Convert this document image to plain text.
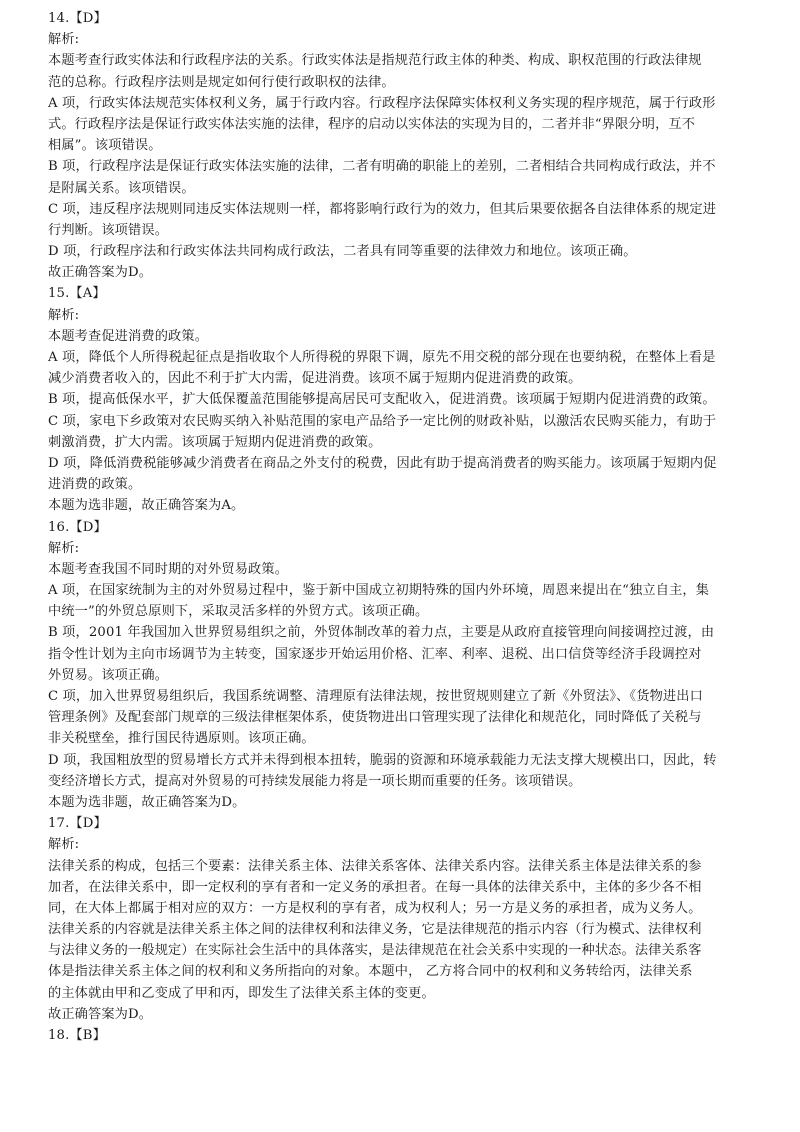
14.【D】
解析:
本题考查行政实体法和行政程序法的关系。行政实体法是指规范行政主体的种类、构成、职权范围的行政法律规
范的总称。行政程序法则是规定如何行使行政职权的法律。
A 项，行政实体法规范实体权利义务，属于行政内容。行政程序法保障实体权利义务实现的程序规范，属于行政形
式。行政程序法是保证行政实体法实施的法律，程序的启动以实体法的实现为目的，二者并非“界限分明，互不
相属”。该项错误。
B 项，行政程序法是保证行政实体法实施的法律，二者有明确的职能上的差别，二者相结合共同构成行政法，并不
是附属关系。该项错误。
C 项，违反程序法规则同违反实体法规则一样，都将影响行政行为的效力，但其后果要依据各自法律体系的规定进
行判断。该项错误。
D 项，行政程序法和行政实体法共同构成行政法，二者具有同等重要的法律效力和地位。该项正确。
故正确答案为D。
15.【A】
解析:
本题考查促进消费的政策。
A 项，降低个人所得税起征点是指收取个人所得税的界限下调，原先不用交税的部分现在也要纳税，在整体上看是
减少消费者收入的，因此不利于扩大内需，促进消费。该项不属于短期内促进消费的政策。
B 项，提高低保水平，扩大低保覆盖范围能够提高居民可支配收入，促进消费。该项属于短期内促进消费的政策。
C 项，家电下乡政策对农民购买纳入补贴范围的家电产品给予一定比例的财政补贴，以激活农民购买能力，有助于
刺激消费，扩大内需。该项属于短期内促进消费的政策。
D 项，降低消费税能够减少消费者在商品之外支付的税费，因此有助于提高消费者的购买能力。该项属于短期内促
进消费的政策。
本题为选非题，故正确答案为A。
16.【D】
解析:
本题考查我国不同时期的对外贸易政策。
A 项，在国家统制为主的对外贸易过程中，鉴于新中国成立初期特殊的国内外环境，周恩来提出在“独立自主，集
中统一”的外贸总原则下，采取灵活多样的外贸方式。该项正确。
B 项，2001 年我国加入世界贸易组织之前，外贸体制改革的着力点，主要是从政府直接管理向间接调控过渡，由
指令性计划为主向市场调节为主转变，国家逐步开始运用价格、汇率、利率、退税、出口信贷等经济手段调控对
外贸易。该项正确。
C 项，加入世界贸易组织后，我国系统调整、清理原有法律法规，按世贸规则建立了新《外贸法》、《货物进出口
管理条例》及配套部门规章的三级法律框架体系，使货物进出口管理实现了法律化和规范化，同时降低了关税与
非关税壁垒，推行国民待遇原则。该项正确。
D 项，我国粗放型的贸易增长方式并未得到根本扭转，脆弱的资源和环境承载能力无法支撑大规模出口，因此，转
变经济增长方式，提高对外贸易的可持续发展能力将是一项长期而重要的任务。该项错误。
本题为选非题，故正确答案为D。
17.【D】
解析:
法律关系的构成，包括三个要素：法律关系主体、法律关系客体、法律关系内容。法律关系主体是法律关系的参
加者，在法律关系中，即一定权利的享有者和一定义务的承担者。在每一具体的法律关系中，主体的多少各不相
同，在大体上都属于相对应的双方：一方是权利的享有者，成为权利人；另一方是义务的承担者，成为义务人。
法律关系的内容就是法律关系主体之间的法律权利和法律义务，它是法律规范的指示内容（行为模式、法律权利
与法律义务的一般规定）在实际社会生活中的具体落实，是法律规范在社会关系中实现的一种状态。法律关系客
体是指法律关系主体之间的权利和义务所指向的对象。本题中， 乙方将合同中的权利和义务转给丙，法律关系
的主体就由甲和乙变成了甲和丙，即发生了法律关系主体的变更。
故正确答案为D。
18.【B】
